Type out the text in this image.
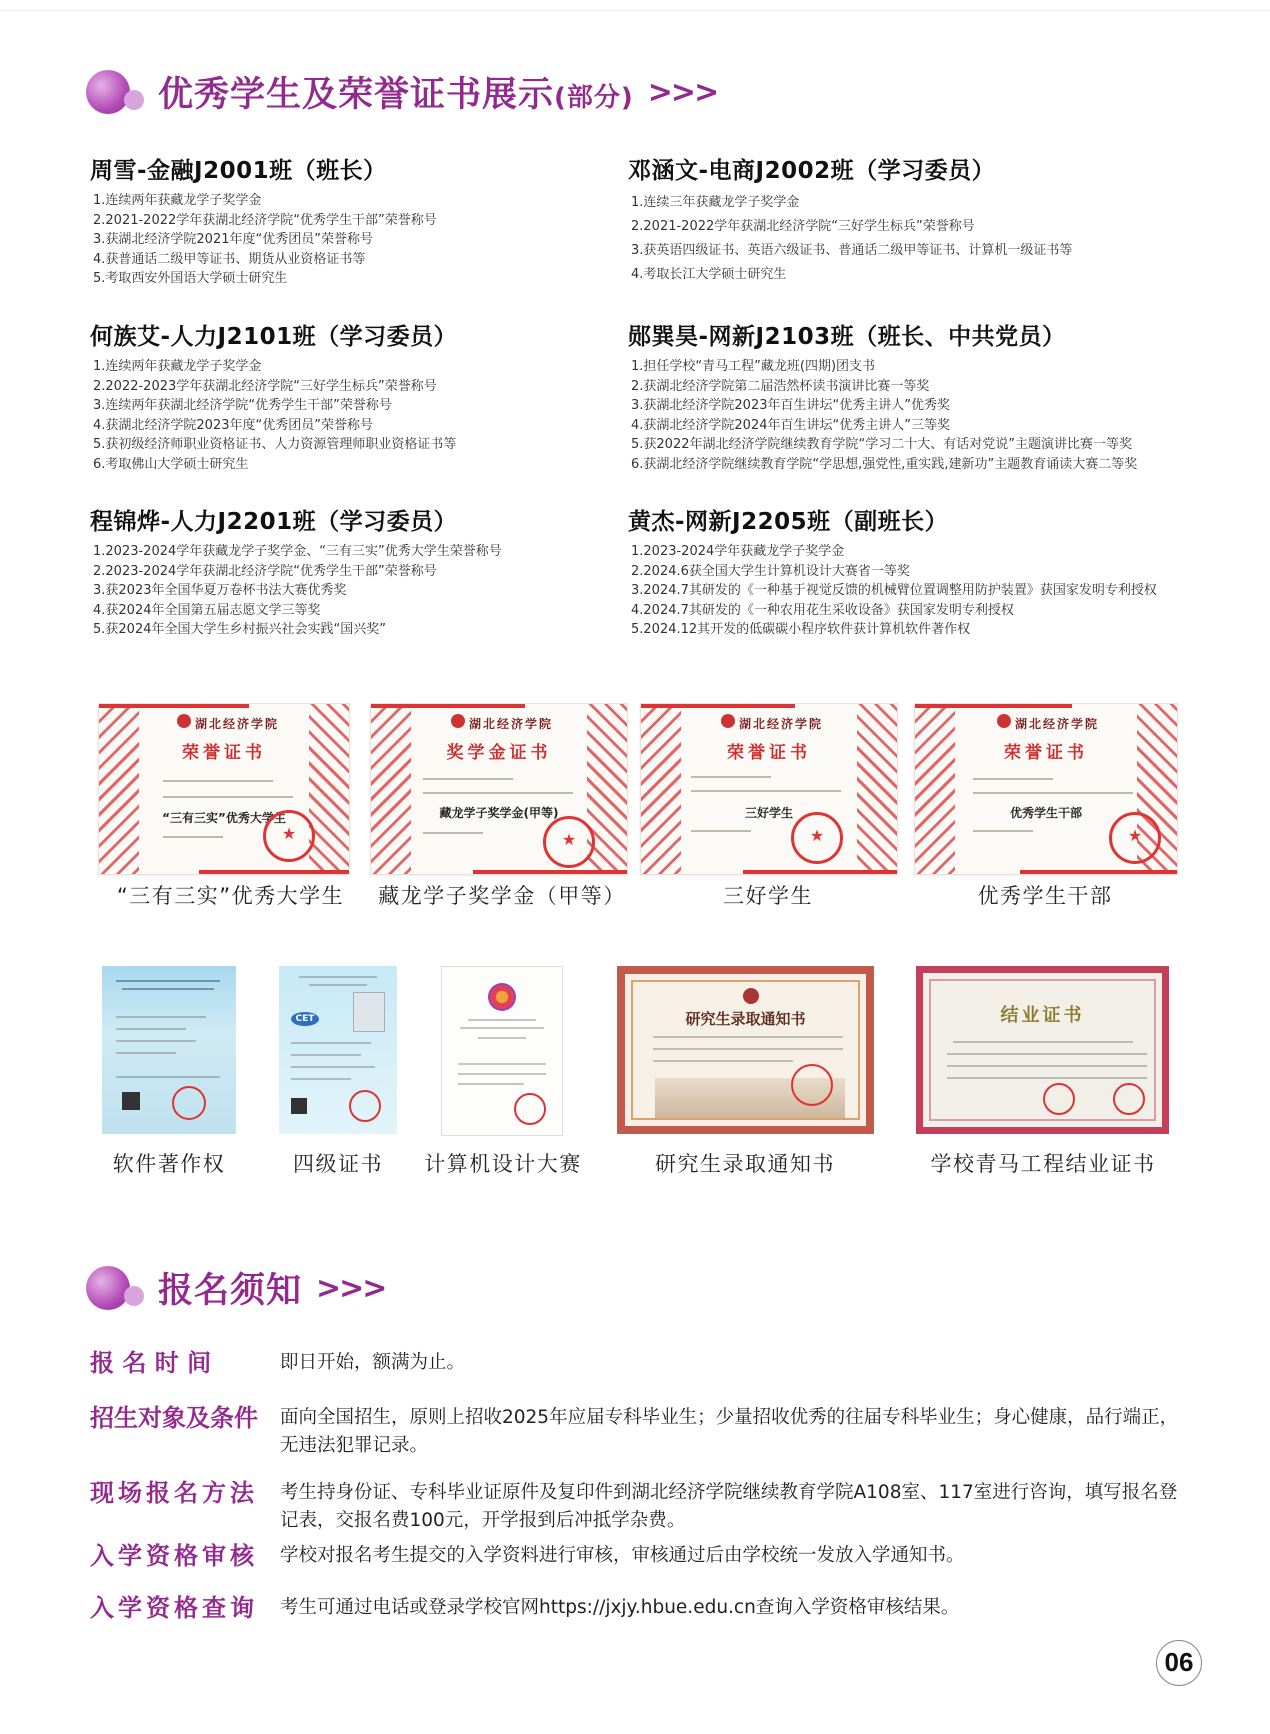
优秀学生及荣誉证书展示(部分) >>>
周雪-金融J2001班（班长）
1.连续两年获藏龙学子奖学金
2.2021-2022学年获湖北经济学院“优秀学生干部”荣誉称号
3.获湖北经济学院2021年度“优秀团员”荣誉称号
4.获普通话二级甲等证书、期货从业资格证书等
5.考取西安外国语大学硕士研究生
邓涵文-电商J2002班（学习委员）
1.连续三年获藏龙学子奖学金
2.2021-2022学年获湖北经济学院“三好学生标兵”荣誉称号
3.获英语四级证书、英语六级证书、普通话二级甲等证书、计算机一级证书等
4.考取长江大学硕士研究生
何族艾-人力J2101班（学习委员）
1.连续两年获藏龙学子奖学金
2.2022-2023学年获湖北经济学院“三好学生标兵”荣誉称号
3.连续两年获湖北经济学院“优秀学生干部”荣誉称号
4.获湖北经济学院2023年度“优秀团员”荣誉称号
5.获初级经济师职业资格证书、人力资源管理师职业资格证书等
6.考取佛山大学硕士研究生
郧巽昊-网新J2103班（班长、中共党员）
1.担任学校“青马工程”藏龙班(四期)团支书
2.获湖北经济学院第二届浩然杯读书演讲比赛一等奖
3.获湖北经济学院2023年百生讲坛“优秀主讲人”优秀奖
4.获湖北经济学院2024年百生讲坛“优秀主讲人”三等奖
5.获2022年湖北经济学院继续教育学院“学习二十大、有话对党说”主题演讲比赛一等奖
6.获湖北经济学院继续教育学院“学思想,强党性,重实践,建新功”主题教育诵读大赛二等奖
程锦烨-人力J2201班（学习委员）
1.2023-2024学年获藏龙学子奖学金、“三有三实”优秀大学生荣誉称号
2.2023-2024学年获湖北经济学院“优秀学生干部”荣誉称号
3.获2023年全国华夏万卷杯书法大赛优秀奖
4.获2024年全国第五届志愿文学三等奖
5.获2024年全国大学生乡村振兴社会实践“国兴奖”
黄杰-网新J2205班（副班长）
1.2023-2024学年获藏龙学子奖学金
2.2024.6获全国大学生计算机设计大赛省一等奖
3.2024.7其研发的《一种基于视觉反馈的机械臂位置调整用防护装置》获国家发明专利授权
4.2024.7其研发的《一种农用花生采收设备》获国家发明专利授权
5.2024.12其开发的低碳碳小程序软件获计算机软件著作权
湖北经济学院
荣誉证书
“三有三实”优秀大学生
★
湖北经济学院
奖学金证书
藏龙学子奖学金(甲等)
★
湖北经济学院
荣誉证书
三好学生
★
湖北经济学院
荣誉证书
优秀学生干部
★
“三有三实”优秀大学生	藏龙学子奖学金（甲等）	三好学生	优秀学生干部
CET	研究生录取通知书	结业证书
软件著作权	四级证书	计算机设计大赛	研究生录取通知书	学校青马工程结业证书
报名须知 >>>
报 名 时 间	即日开始，额满为止。
招生对象及条件	面向全国招生，原则上招收2025年应届专科毕业生；少量招收优秀的往届专科毕业生；身心健康，品行端正，无违法犯罪记录。
现场报名方法	考生持身份证、专科毕业证原件及复印件到湖北经济学院继续教育学院A108室、117室进行咨询，填写报名登记表，交报名费100元，开学报到后冲抵学杂费。
入学资格审核	学校对报名考生提交的入学资料进行审核，审核通过后由学校统一发放入学通知书。
入学资格查询	考生可通过电话或登录学校官网https://jxjy.hbue.edu.cn查询入学资格审核结果。
06
